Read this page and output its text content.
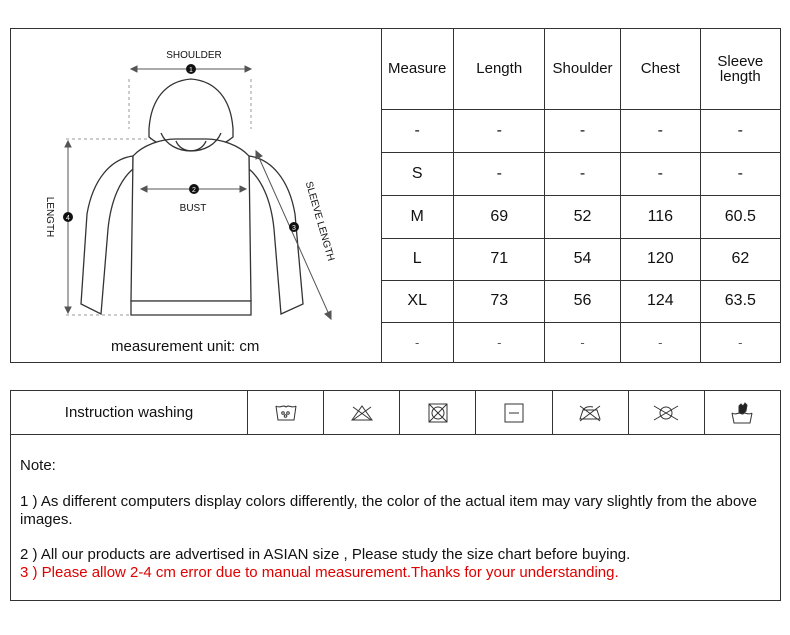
1
2
3
4
SHOULDER
BUST
LENGTH	SLEEVE LENGTH
measurement unit: cm
Measure	Length	Shoulder	Chest	Sleeve length
-	-	-	-	-
S	-	-	-	-
M	69	52	116	60.5
L	71	54	120	62
XL	73	56	124	63.5
-	-	-	-	-
Instruction washing
Note:
1 ) As different computers display colors differently, the color of the actual item may vary slightly from the above images.
2 ) All our products are advertised in ASIAN size , Please study the size chart before buying.
3 ) Please allow 2-4 cm error due to manual measurement.Thanks for your understanding.
